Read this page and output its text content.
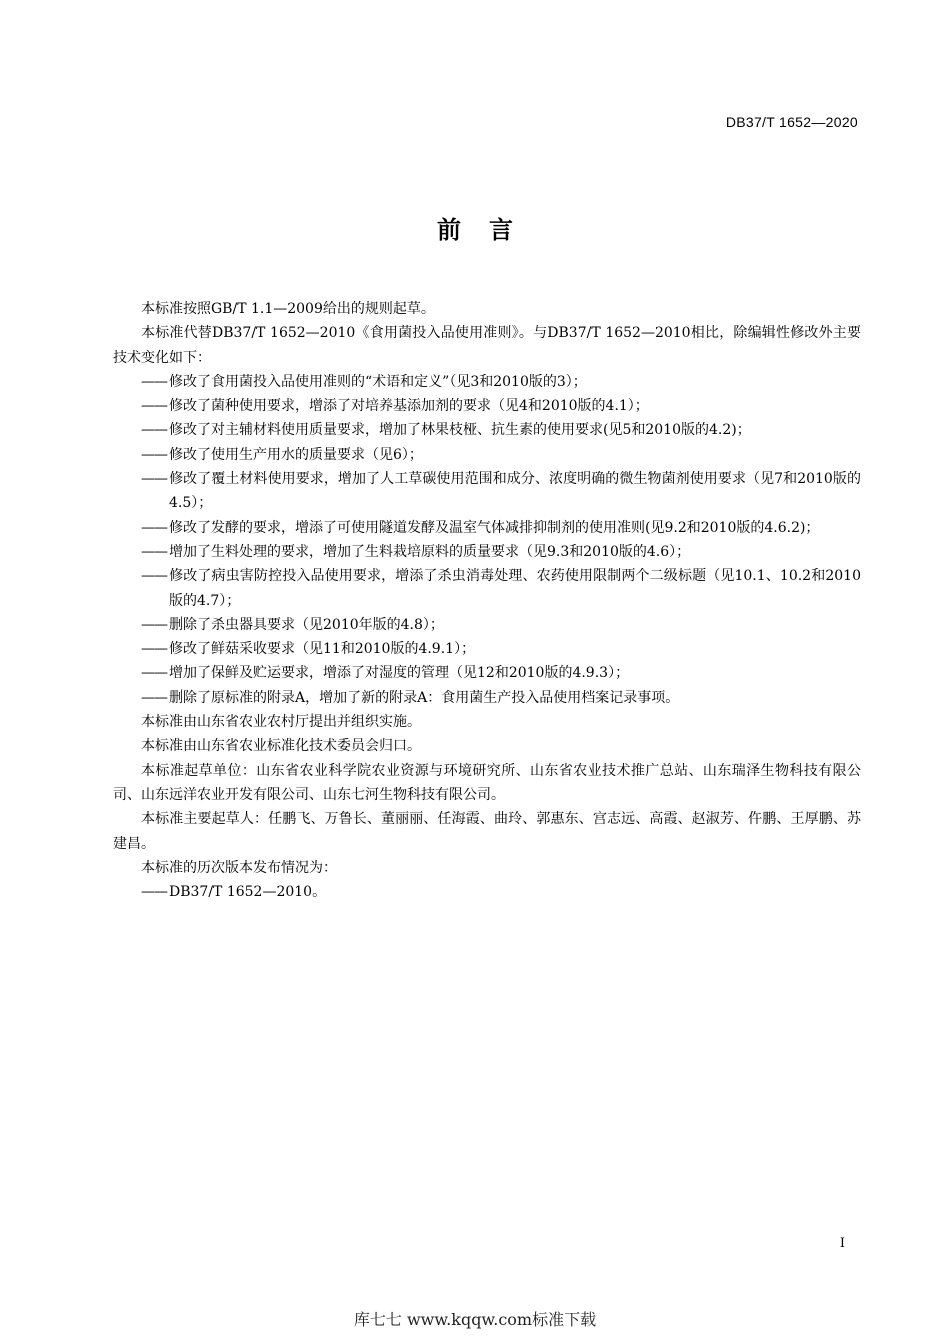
DB37/T 1652—2020
前言

本标准按照GB/T 1.1—2009给出的规则起草。

本标准代替DB37/T 1652—2010《食用菌投入品使用准则》。与DB37/T 1652—2010相比，除编辑性修改外主要技术变化如下：

—— 修改了食用菌投入品使用准则的“术语和定义”（见3和2010版的3）；
—— 修改了菌种使用要求，增添了对培养基添加剂的要求（见4和2010版的4.1）；
—— 修改了对主辅材料使用质量要求，增加了林果枝桠、抗生素的使用要求(见5和2010版的4.2)；
—— 修改了使用生产用水的质量要求（见6）；
—— 修改了覆土材料使用要求，增加了人工草碳使用范围和成分、浓度明确的微生物菌剂使用要求（见7和2010版的4.5）；
—— 修改了发酵的要求，增添了可使用隧道发酵及温室气体减排抑制剂的使用准则(见9.2和2010版的4.6.2)；
—— 增加了生料处理的要求，增加了生料栽培原料的质量要求（见9.3和2010版的4.6）；
—— 修改了病虫害防控投入品使用要求，增添了杀虫消毒处理、农药使用限制两个二级标题（见10.1、10.2和2010版的4.7）；
—— 删除了杀虫器具要求（见2010年版的4.8）；
—— 修改了鲜菇采收要求（见11和2010版的4.9.1）；
—— 增加了保鲜及贮运要求，增添了对湿度的管理（见12和2010版的4.9.3）；
—— 删除了原标准的附录A，增加了新的附录A：食用菌生产投入品使用档案记录事项。

本标准由山东省农业农村厅提出并组织实施。

本标准由山东省农业标准化技术委员会归口。

本标准起草单位：山东省农业科学院农业资源与环境研究所、山东省农业技术推广总站、山东瑞泽生物科技有限公司、山东远洋农业开发有限公司、山东七河生物科技有限公司。

本标准主要起草人：任鹏飞、万鲁长、董丽丽、任海霞、曲玲、郭惠东、宫志远、高霞、赵淑芳、仵鹏、王厚鹏、苏建昌。

本标准的历次版本发布情况为：

—— DB37/T 1652—2010。
I
库七七 www.kqqw.com标准下载
